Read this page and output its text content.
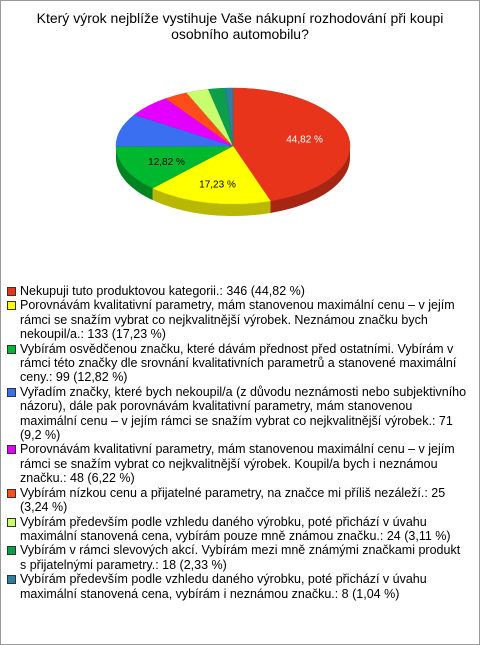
Který výrok nejblíže vystihuje Vaše nákupní rozhodování při koupi osobního automobilu?
44,82 %
17,23 %
12,82 %
Nekupuji tuto produktovou kategorii.: 346 (44,82 %)
Porovnávám kvalitativní parametry, mám stanovenou maximální cenu – v jejím rámci se snažím vybrat co nejkvalitnější výrobek. Neznámou značku bych nekoupil/a.: 133 (17,23 %)
Vybírám osvědčenou značku, které dávám přednost před ostatními. Vybírám v rámci této značky dle srovnání kvalitativních parametrů a stanovené maximální ceny.: 99 (12,82 %)
Vyřadím značky, které bych nekoupil/a (z důvodu neznámosti nebo subjektivního názoru), dále pak porovnávám kvalitativní parametry, mám stanovenou maximální cenu – v jejím rámci se snažím vybrat co nejkvalitnější výrobek.: 71 (9,2 %)
Porovnávám kvalitativní parametry, mám stanovenou maximální cenu – v jejím rámci se snažím vybrat co nejkvalitnější výrobek. Koupil/a bych i neznámou značku.: 48 (6,22 %)
Vybírám nízkou cenu a přijatelné parametry, na značce mi příliš nezáleží.: 25 (3,24 %)
Vybírám především podle vzhledu daného výrobku, poté přichází v úvahu maximální stanovená cena, vybírám pouze mně známou značku.: 24 (3,11 %)
Vybírám v rámci slevových akcí. Vybírám mezi mně známými značkami produkt s přijatelnými parametry.: 18 (2,33 %)
Vybírám především podle vzhledu daného výrobku, poté přichází v úvahu maximální stanovená cena, vybírám i neznámou značku.: 8 (1,04 %)
